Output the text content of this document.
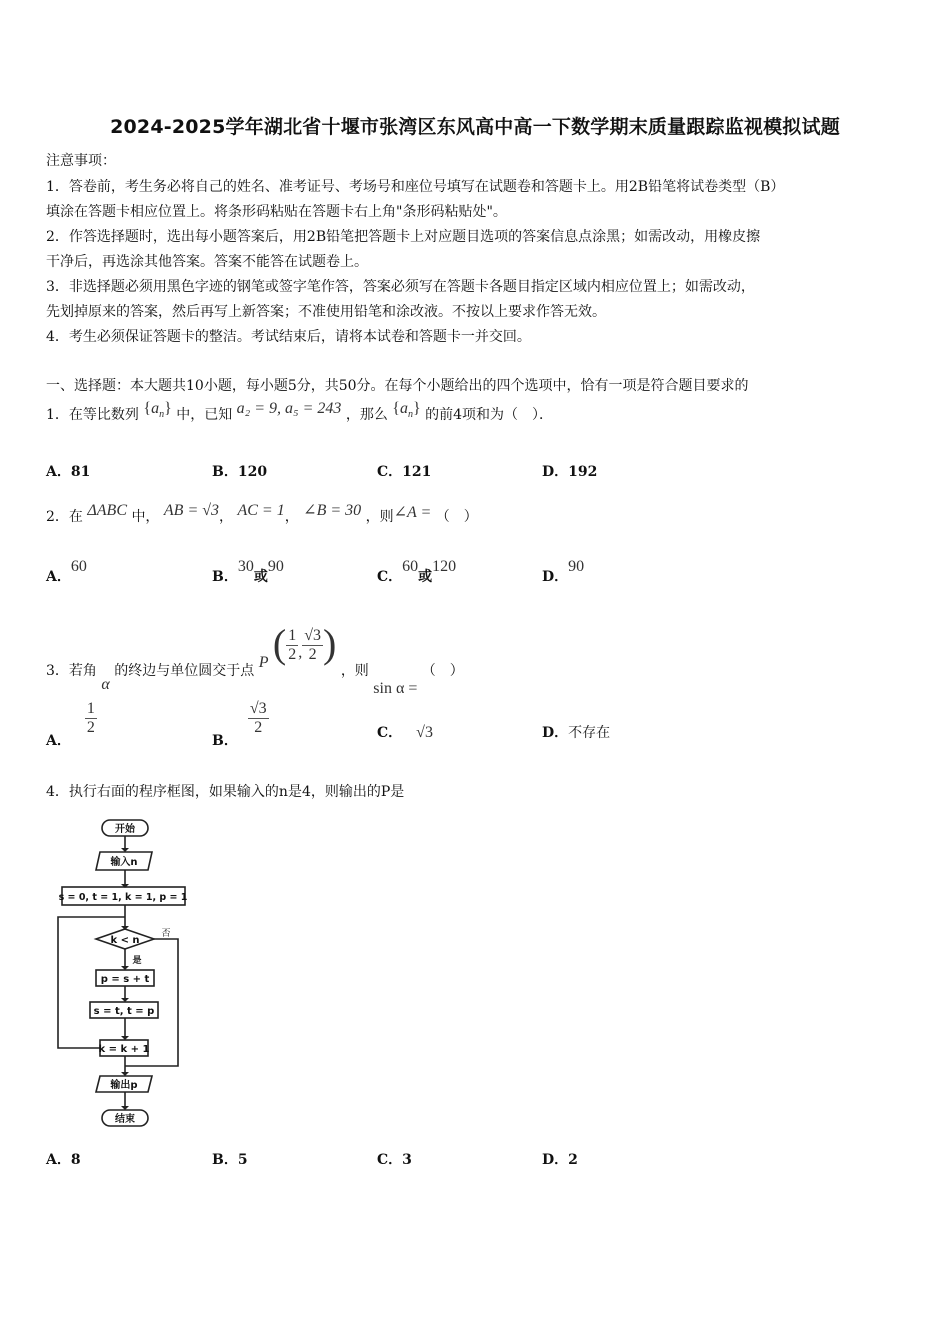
2024-2025学年湖北省十堰市张湾区东风高中高一下数学期末质量跟踪监视模拟试题
注意事项：
1．答卷前，考生务必将自己的姓名、准考证号、考场号和座位号填写在试题卷和答题卡上。用2B铅笔将试卷类型（B）
填涂在答题卡相应位置上。将条形码粘贴在答题卡右上角"条形码粘贴处"。
2．作答选择题时，选出每小题答案后，用2B铅笔把答题卡上对应题目选项的答案信息点涂黑；如需改动，用橡皮擦
干净后，再选涂其他答案。答案不能答在试题卷上。
3．非选择题必须用黑色字迹的钢笔或签字笔作答，答案必须写在答题卡各题目指定区域内相应位置上；如需改动，
先划掉原来的答案，然后再写上新答案；不准使用铅笔和涂改液。不按以上要求作答无效。
4．考生必须保证答题卡的整洁。考试结束后，请将本试卷和答题卡一并交回。
一、选择题：本大题共10小题，每小题5分，共50分。在每个小题给出的四个选项中，恰有一项是符合题目要求的
1．在等比数列 $\{a_n\}$ 中，已知 a₂ = 9, a₅ = 243 ，那么 $\{a_n\}$ 的前4项和为（　）．
A．81	B．120	C．121	D．192
2．在 ΔABC 中， AB = √3， AC = 1， ∠B = 30 ，则∠A = （　）
A．60
B．30或90
C．60或120
D．90
3．若角 α 的终边与单位圆交于点 P ( $\frac{1}{2}$ , $\frac{√3}{2}$ ) ，则 sin α = （　）
A．
$\frac{1}{2}$
B．
$\frac{√3}{2}$	C． √3	D．不存在
4．执行右面的程序框图，如果输入的n是4，则输出的P是
开始
输入n
s = 0, t = 1, k = 1, p = 1
k < n
是
否
p = s + t
s = t, t = p
k = k + 1
输出p
结束
A．8	B．5	C．3	D．2
